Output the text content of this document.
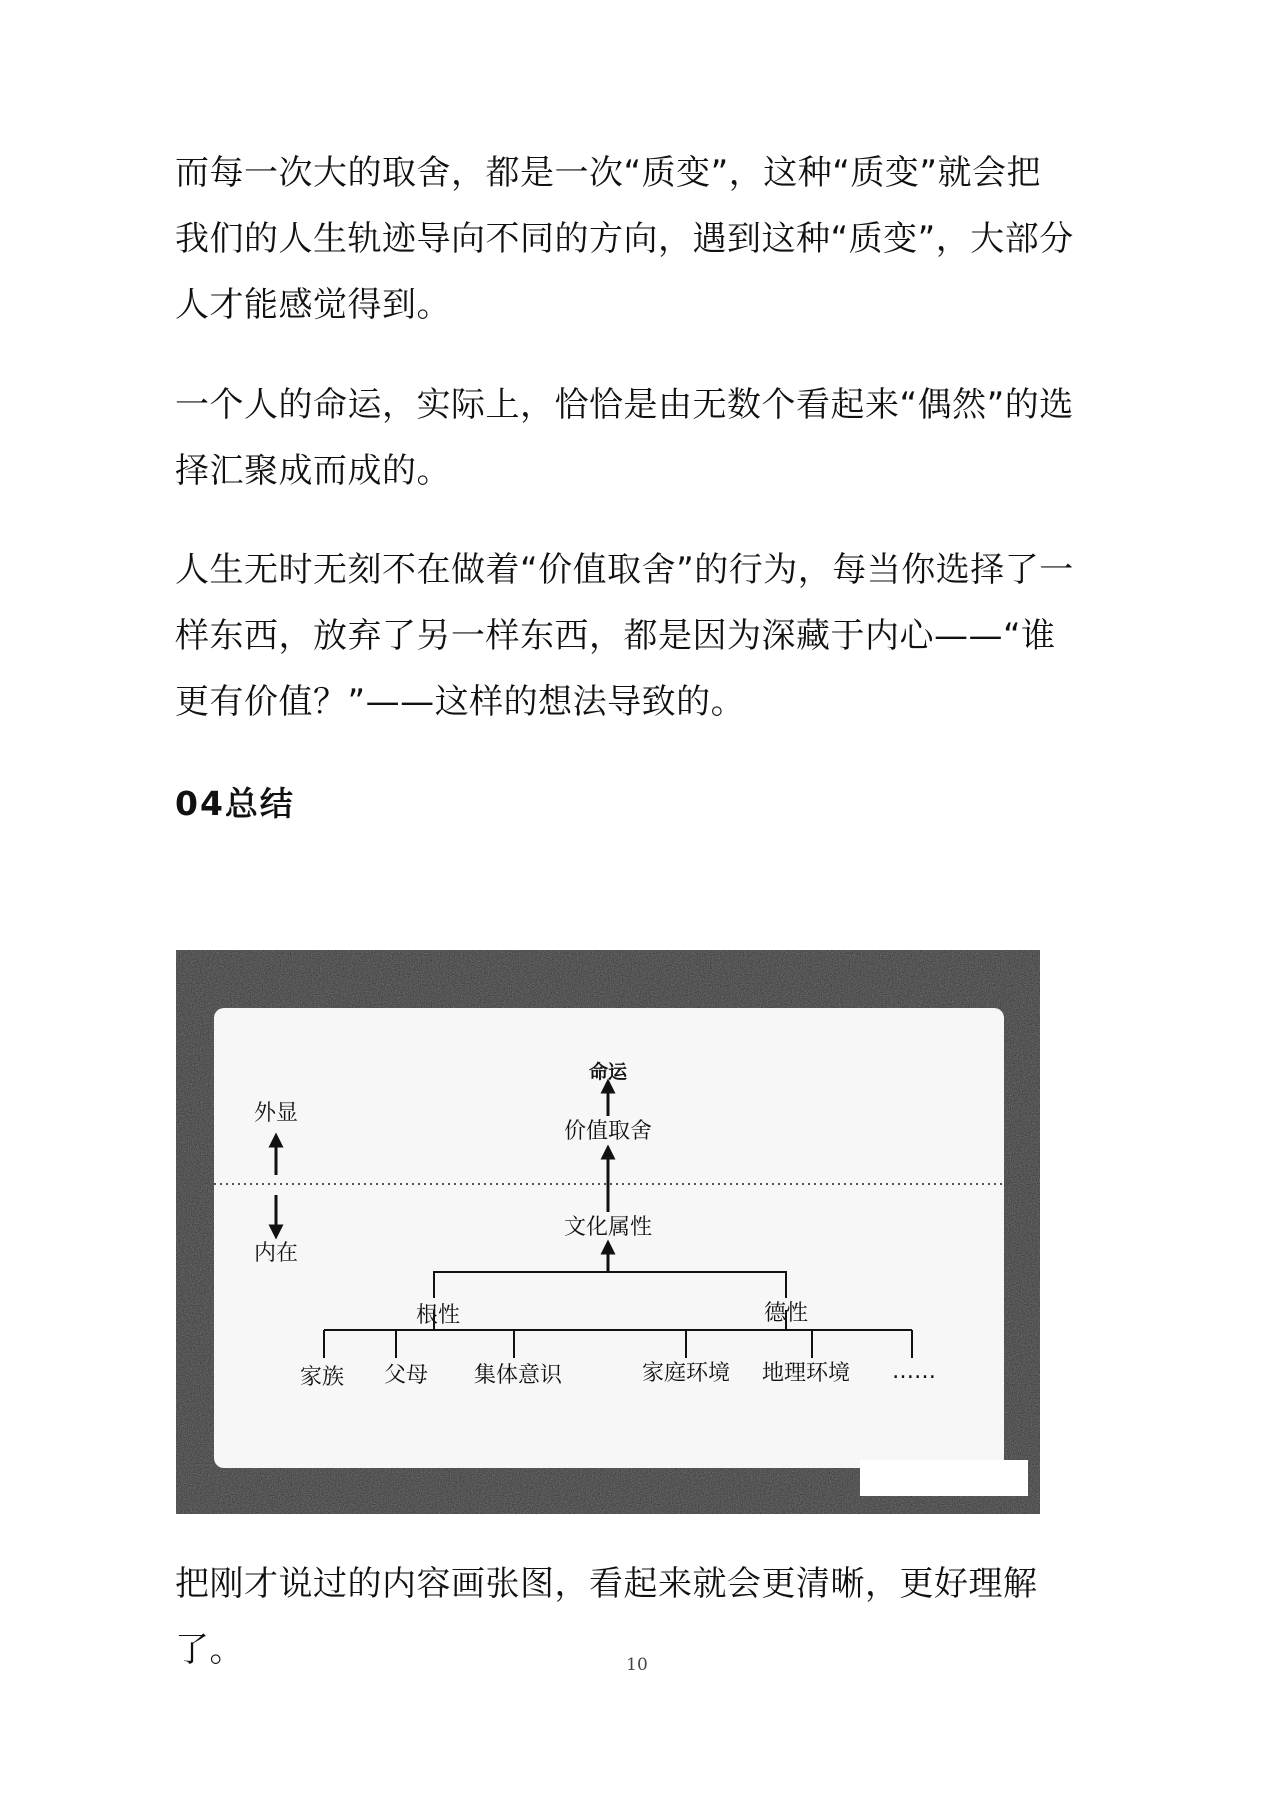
而每一次大的取舍，都是一次“质变”，这种“质变”就会把我们的人生轨迹导向不同的方向，遇到这种“质变”，大部分人才能感觉得到。

一个人的命运，实际上，恰恰是由无数个看起来“偶然”的选择汇聚成而成的。

人生无时无刻不在做着“价值取舍”的行为，每当你选择了一样东西，放弃了另一样东西，都是因为深藏于内心——“谁更有价值？”——这样的想法导致的。

04总结
外显
内在
命运
价值取舍
文化属性
根性	德性
家族 父母 集体意识	家庭环境 地理环境 ……

把刚才说过的内容画张图，看起来就会更清晰，更好理解了。	10
